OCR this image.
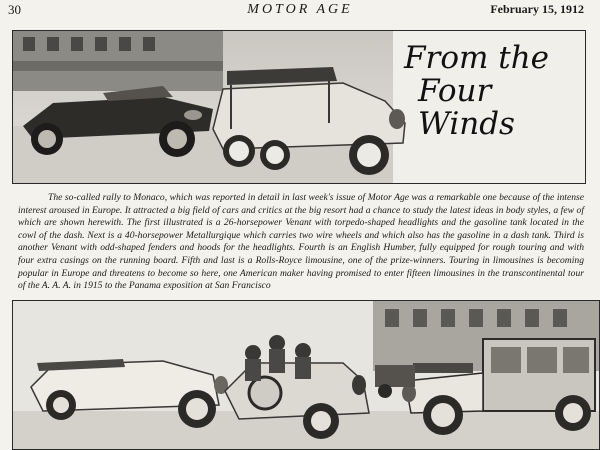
30	MOTOR AGE	February 15, 1912
From the
Four Winds
The so-called rally to Monaco, which was reported in detail in last week's issue of Motor Age was a remarkable one because of the intense interest aroused in Europe. It attracted a big field of cars and critics at the big resort had a chance to study the latest ideas in body styles, a few of which are shown herewith. The first illustrated is a 26-horsepower Venant with torpedo-shaped headlights and the gasoline tank located in the cowl of the dash. Next is a 40-horsepower Metallurgique which carries two wire wheels and which also has the gasoline in a dash tank. Third is another Venant with odd-shaped fenders and hoods for the headlights. Fourth is an English Humber, fully equipped for rough touring and with four extra casings on the running board. Fifth and last is a Rolls-Royce limousine, one of the prize-winners. Touring in limousines is becoming popular in Europe and threatens to become so here, one American maker having promised to enter fifteen limousines in the transcontinental tour of the A. A. A. in 1915 to the Panama exposition at San Francisco
